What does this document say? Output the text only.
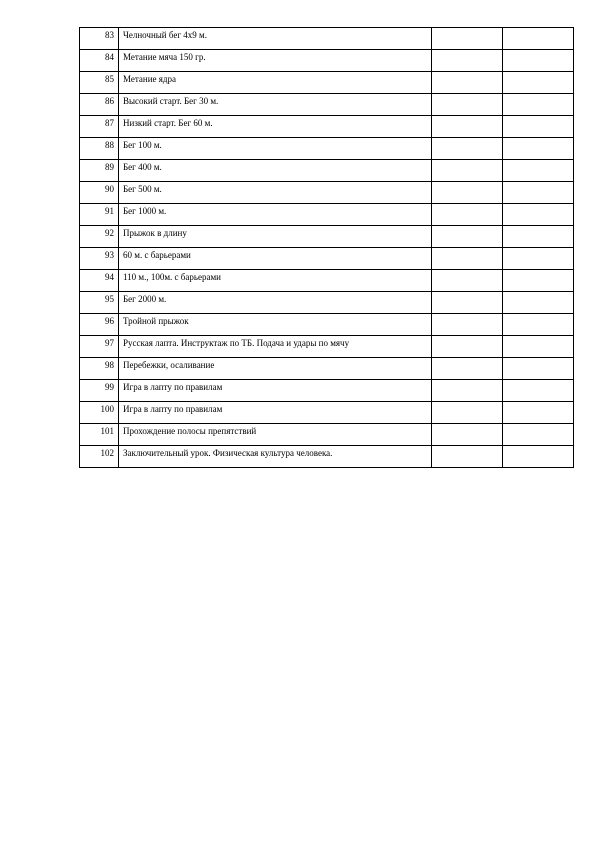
83	Челночный бег 4х9 м.		
84	Метание мяча 150 гр.		
85	Метание ядра		
86	Высокий старт. Бег 30 м.		
87	Низкий старт. Бег 60 м.		
88	Бег 100 м.		
89	Бег 400 м.		
90	Бег 500 м.		
91	Бег 1000 м.		
92	Прыжок в длину		
93	60 м. с барьерами		
94	110 м., 100м. с барьерами		
95	Бег 2000 м.		
96	Тройной прыжок		
97	Русская лапта. Инструктаж по ТБ. Подача и удары по мячу		
98	Перебежки, осаливание		
99	Игра в лапту по правилам		
100	Игра в лапту по правилам		
101	Прохождение полосы препятствий		
102	Заключительный урок. Физическая культура человека.		
